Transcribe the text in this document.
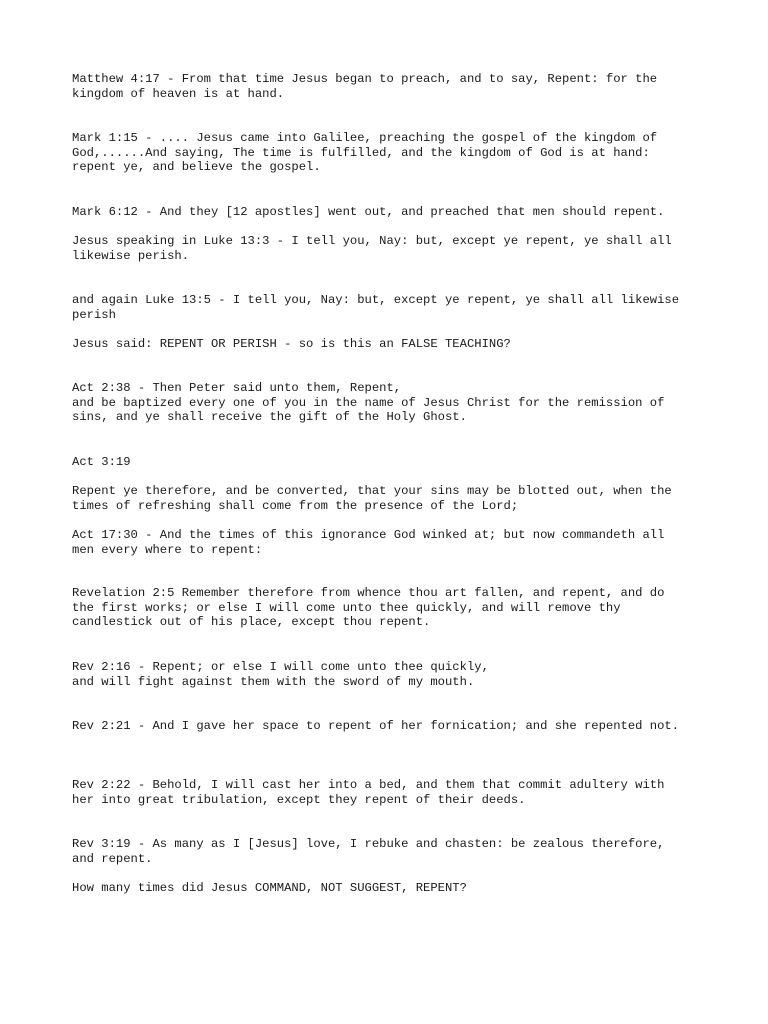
Matthew 4:17 - From that time Jesus began to preach, and to say, Repent: for the
kingdom of heaven is at hand.

Mark 1:15 - .... Jesus came into Galilee, preaching the gospel of the kingdom of
God,......And saying, The time is fulfilled, and the kingdom of God is at hand:
repent ye, and believe the gospel.

Mark 6:12 - And they [12 apostles] went out, and preached that men should repent.

Jesus speaking in Luke 13:3 - I tell you, Nay: but, except ye repent, ye shall all
likewise perish.

and again Luke 13:5 - I tell you, Nay: but, except ye repent, ye shall all likewise
perish

Jesus said: REPENT OR PERISH - so is this an FALSE TEACHING?

Act 2:38 - Then Peter said unto them, Repent,
and be baptized every one of you in the name of Jesus Christ for the remission of
sins, and ye shall receive the gift of the Holy Ghost.

Act 3:19

Repent ye therefore, and be converted, that your sins may be blotted out, when the
times of refreshing shall come from the presence of the Lord;

Act 17:30 - And the times of this ignorance God winked at; but now commandeth all
men every where to repent:

Revelation 2:5 Remember therefore from whence thou art fallen, and repent, and do
the first works; or else I will come unto thee quickly, and will remove thy
candlestick out of his place, except thou repent.

Rev 2:16 - Repent; or else I will come unto thee quickly,
and will fight against them with the sword of my mouth.

Rev 2:21 - And I gave her space to repent of her fornication; and she repented not.

Rev 2:22 - Behold, I will cast her into a bed, and them that commit adultery with
her into great tribulation, except they repent of their deeds.

Rev 3:19 - As many as I [Jesus] love, I rebuke and chasten: be zealous therefore,
and repent.

How many times did Jesus COMMAND, NOT SUGGEST, REPENT?
